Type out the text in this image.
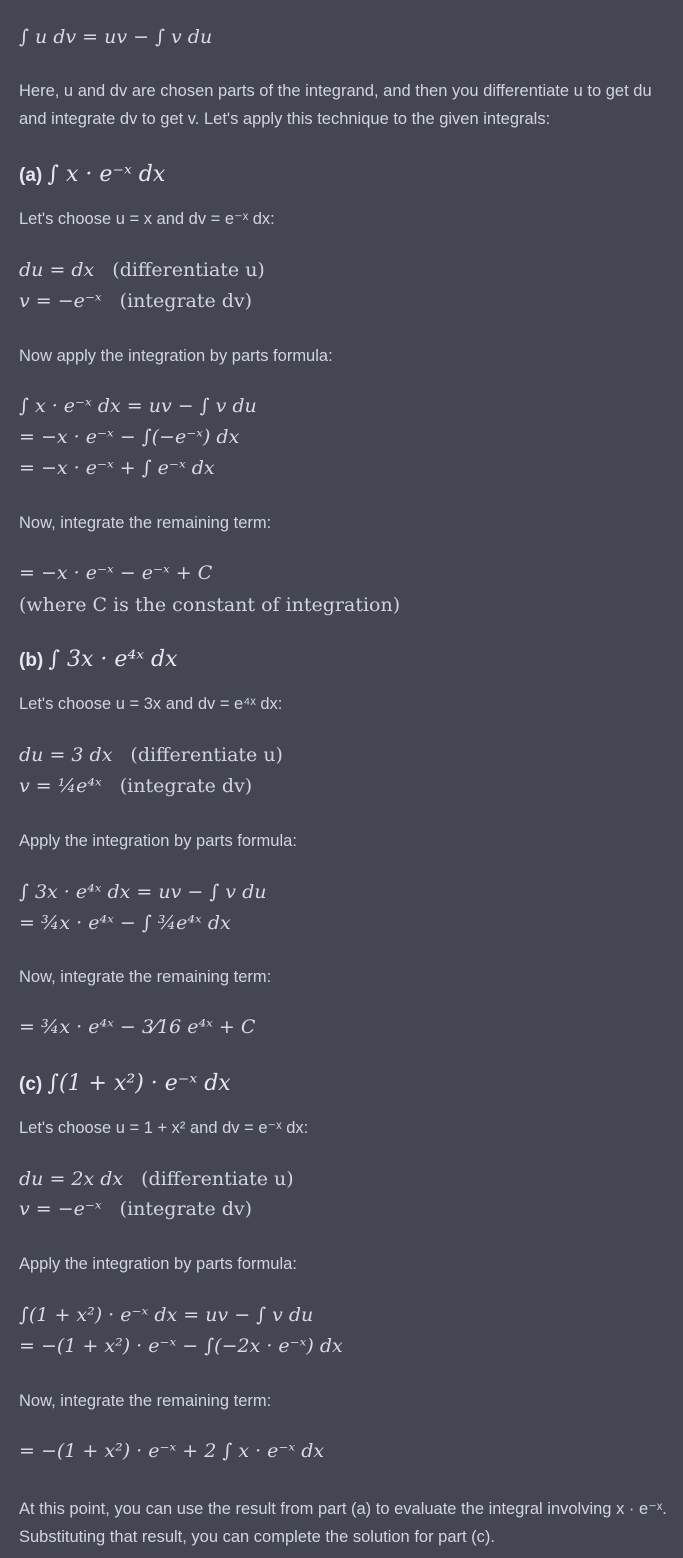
∫ u dv = uv − ∫ v du
Here, u and dv are chosen parts of the integrand, and then you differentiate u to get du and integrate dv to get v. Let's apply this technique to the given integrals:
(a) ∫ x · e⁻ˣ dx
Let's choose u = x and dv = e⁻ˣ dx:
du = dx (differentiate u)
v = −e⁻ˣ (integrate dv)
Now apply the integration by parts formula:
∫ x · e⁻ˣ dx = uv − ∫ v du
= −x · e⁻ˣ − ∫(−e⁻ˣ) dx
= −x · e⁻ˣ + ∫ e⁻ˣ dx
Now, integrate the remaining term:
= −x · e⁻ˣ − e⁻ˣ + C
(where C is the constant of integration)
(b) ∫ 3x · e⁴ˣ dx
Let's choose u = 3x and dv = e⁴ˣ dx:
du = 3 dx (differentiate u)
v = ¼e⁴ˣ (integrate dv)
Apply the integration by parts formula:
∫ 3x · e⁴ˣ dx = uv − ∫ v du
= ¾x · e⁴ˣ − ∫ ¾e⁴ˣ dx
Now, integrate the remaining term:
= ¾x · e⁴ˣ − 3⁄16 e⁴ˣ + C
(c) ∫(1 + x²) · e⁻ˣ dx
Let's choose u = 1 + x² and dv = e⁻ˣ dx:
du = 2x dx (differentiate u)
v = −e⁻ˣ (integrate dv)
Apply the integration by parts formula:
∫(1 + x²) · e⁻ˣ dx = uv − ∫ v du
= −(1 + x²) · e⁻ˣ − ∫(−2x · e⁻ˣ) dx
Now, integrate the remaining term:
= −(1 + x²) · e⁻ˣ + 2 ∫ x · e⁻ˣ dx
At this point, you can use the result from part (a) to evaluate the integral involving x · e⁻ˣ. Substituting that result, you can complete the solution for part (c).
